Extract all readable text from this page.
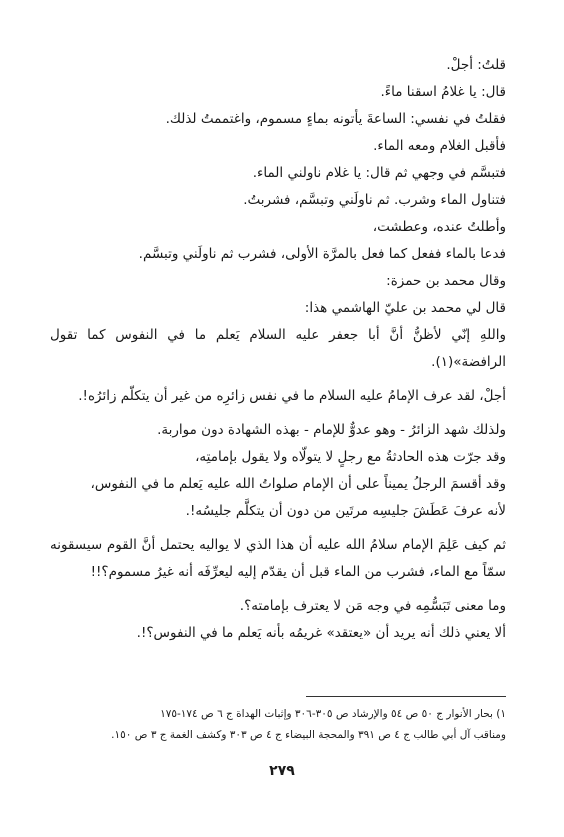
قلتُ: أجلْ.
قال: يا غلامُ اسقنا ماءً.
فقلتُ في نفسي: الساعةَ يأتونه بماءٍ مسموم، واغتممتُ لذلك.
فأقبل الغلام ومعه الماء.
فتبسَّم في وجهي ثم قال: يا غلام ناولني الماء.
فتناول الماء وشرب. ثم ناولَني وتبسَّم، فشربتُ.
وأطلتُ عنده، وعطشت،
فدعا بالماء ففعل كما فعل بالمرَّة الأولى، فشرب ثم ناولَني وتبسَّم.
وقال محمد بن حمزة:
قال لي محمد بن عليّ الهاشمي هذا:
واللهِ إنّي لأظنُّ أنَّ أبا جعفر عليه السلام يَعلم ما في النفوس كما تقول الرافضة»(١).
أجلْ، لقد عرف الإمامُ عليه السلام ما في نفس زائرِه من غير أن يتكلّم زائرُه!.
ولذلك شهد الزائرُ - وهو عدوٌّ للإمام - بهذه الشهادة دون مواربة.
وقد جرّت هذه الحادثةُ مع رجلٍ لا يتولّاه ولا يقول بإمامتِه،
وقد أقسمَ الرجلُ يميناً على أن الإمام صلواتُ الله عليه يَعلم ما في النفوس،
لأنه عرفَ عَطَشَ جليسِه مرتَين من دون أن يتكلَّم جليسُه!.
ثم كيف عَلِمَ الإمام سلامُ الله عليه أن هذا الذي لا يواليه يحتمل أنَّ القوم سيسقونه سمّاً مع الماء، فشرب من الماء قبل أن يقدّم إليه ليعرِّفَه أنه غيرُ مسموم؟!!
وما معنى تَبَسُّمِه في وجه مَن لا يعترف بإمامته؟.
ألا يعني ذلك أنه يريد أن «يعتقد» غريمُه بأنه يَعلم ما في النفوس؟!.
١) بحار الأنوار ج ٥٠ ص ٥٤ والإرشاد ص ٣٠٥-٣٠٦ وإثبات الهداة ج ٦ ص ١٧٤-١٧٥
ومناقب آل أبي طالب ج ٤ ص ٣٩١ والمحجة البيضاء ج ٤ ص ٣٠٣ وكشف الغمة ج ٣ ص ١٥٠.
٢٧٩
